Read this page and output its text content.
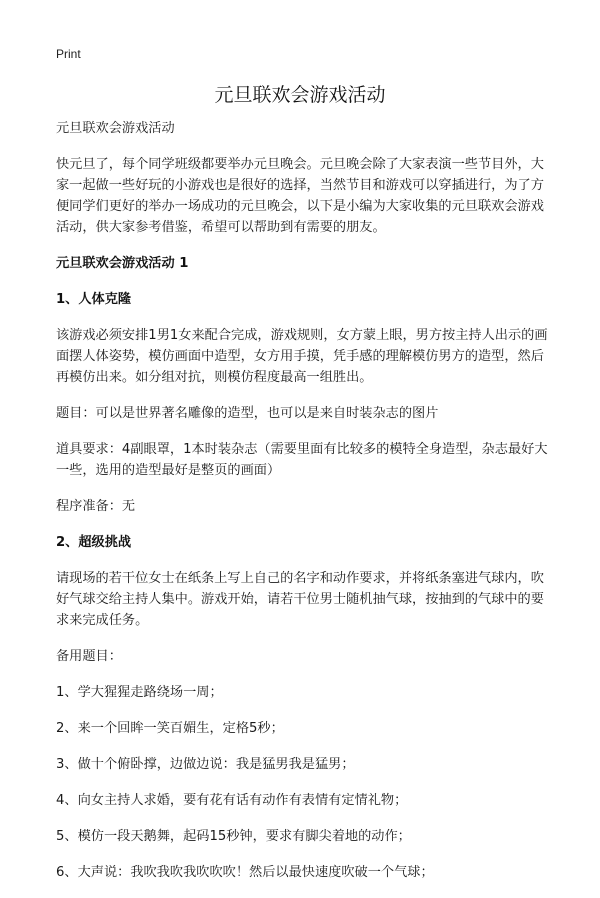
Print
元旦联欢会游戏活动

元旦联欢会游戏活动

快元旦了，每个同学班级都要举办元旦晚会。元旦晚会除了大家表演一些节目外，大家一起做一些好玩的小游戏也是很好的选择，当然节目和游戏可以穿插进行，为了方便同学们更好的举办一场成功的元旦晚会，以下是小编为大家收集的元旦联欢会游戏活动，供大家参考借鉴，希望可以帮助到有需要的朋友。

元旦联欢会游戏活动 1

1、人体克隆

该游戏必须安排1男1女来配合完成，游戏规则，女方蒙上眼，男方按主持人出示的画面摆人体姿势，模仿画面中造型，女方用手摸，凭手感的理解模仿男方的造型，然后再模仿出来。如分组对抗，则模仿程度最高一组胜出。

题目：可以是世界著名雕像的造型，也可以是来自时装杂志的图片

道具要求：4副眼罩，1本时装杂志（需要里面有比较多的模特全身造型，杂志最好大一些，选用的造型最好是整页的画面）

程序准备：无

2、超级挑战

请现场的若干位女士在纸条上写上自己的名字和动作要求，并将纸条塞进气球内，吹好气球交给主持人集中。游戏开始，请若干位男士随机抽气球，按抽到的气球中的要求来完成任务。

备用题目：

1、学大猩猩走路绕场一周；

2、来一个回眸一笑百媚生，定格5秒；

3、做十个俯卧撑，边做边说：我是猛男我是猛男；

4、向女主持人求婚，要有花有话有动作有表情有定情礼物；

5、模仿一段天鹅舞，起码15秒钟，要求有脚尖着地的动作；

6、大声说：我吹我吹我吹吹吹！然后以最快速度吹破一个气球；
